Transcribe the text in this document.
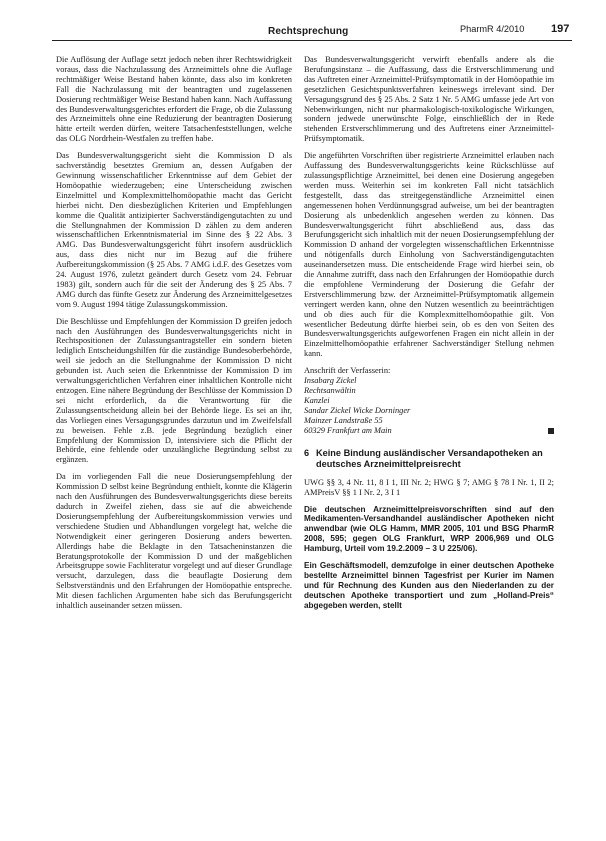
Rechtsprechung	PharmR 4/2010 197

Die Auflösung der Auflage setzt jedoch neben ihrer Rechtswidrigkeit voraus, dass die Nachzulassung des Arzneimittels ohne die Auflage rechtmäßiger Weise Bestand haben könnte, dass also im konkreten Fall die Nachzulassung mit der beantragten und zugelassenen Dosierung rechtmäßiger Weise Bestand haben kann. Nach Auffassung des Bundesverwaltungsgerichtes erfordert die Frage, ob die Zulassung des Arzneimittels ohne eine Reduzierung der beantragten Dosierung hätte erteilt werden dürfen, weitere Tatsachenfeststellungen, welche das OLG Nordrhein-Westfalen zu treffen habe.

Das Bundesverwaltungsgericht sieht die Kommission D als sachverständig besetztes Gremium an, dessen Aufgaben der Gewinnung wissenschaftlicher Erkenntnisse auf dem Gebiet der Homöopathie wiederzugeben; eine Unterscheidung zwischen Einzelmittel und Komplexmittelhomöopathie macht das Gericht hierbei nicht. Den diesbezüglichen Kriterien und Empfehlungen komme die Qualität antizipierter Sachverständigengutachten zu und die Stellungnahmen der Kommission D zählen zu dem anderen wissenschaftlichen Erkenntnismaterial im Sinne des § 22 Abs. 3 AMG. Das Bundesverwaltungsgericht führt insofern ausdrücklich aus, dass dies nicht nur im Bezug auf die frühere Aufbereitungskommission (§ 25 Abs. 7 AMG i.d.F. des Gesetzes vom 24. August 1976, zuletzt geändert durch Gesetz vom 24. Februar 1983) gilt, sondern auch für die seit der Änderung des § 25 Abs. 7 AMG durch das fünfte Gesetz zur Änderung des Arzneimittelgesetzes vom 9. August 1994 tätige Zulassungskommission.

Die Beschlüsse und Empfehlungen der Kommission D greifen jedoch nach den Ausführungen des Bundesverwaltungsgerichts nicht in Rechtspositionen der Zulassungsantragsteller ein sondern bieten lediglich Entscheidungshilfen für die zuständige Bundesoberbehörde, weil sie jedoch an die Stellungnahme der Kommission D nicht gebunden ist. Auch seien die Erkenntnisse der Kommission D im verwaltungsgerichtlichen Verfahren einer inhaltlichen Kontrolle nicht entzogen. Eine nähere Begründung der Beschlüsse der Kommission D sei nicht erforderlich, da die Verantwortung für die Zulassungsentscheidung allein bei der Behörde liege. Es sei an ihr, das Vorliegen eines Versagungsgrundes darzutun und im Zweifelsfall zu beweisen. Fehle z.B. jede Begründung bezüglich einer Empfehlung der Kommission D, intensiviere sich die Pflicht der Behörde, eine fehlende oder unzulängliche Begründung selbst zu ergänzen.

Da im vorliegenden Fall die neue Dosierungsempfehlung der Kommission D selbst keine Begründung enthielt, konnte die Klägerin nach den Ausführungen des Bundesverwaltungsgerichts diese bereits dadurch in Zweifel ziehen, dass sie auf die abweichende Dosierungsempfehlung der Aufbereitungskommission verwies und verschiedene Studien und Abhandlungen vorgelegt hat, welche die Notwendigkeit einer geringeren Dosierung anders bewerten. Allerdings habe die Beklagte in den Tatsacheninstanzen die Beratungsprotokolle der Kommission D und der maßgeblichen Arbeitsgruppe sowie Fachliteratur vorgelegt und auf dieser Grundlage versucht, darzulegen, dass die beauflagte Dosierung dem Selbstverständnis und den Erfahrungen der Homöopathie entspreche. Mit diesen fachlichen Argumenten habe sich das Berufungsgericht inhaltlich auseinander setzen müssen.

Das Bundesverwaltungsgericht verwirft ebenfalls andere als die Berufungsinstanz – die Auffassung, dass die Erstverschlimmerung und das Auftreten einer Arzneimittel-Prüfsymptomatik in der Homöopathie im gesetzlichen Gesichtspunktsverfahren keineswegs irrelevant sind. Der Versagungsgrund des § 25 Abs. 2 Satz 1 Nr. 5 AMG umfasse jede Art von Nebenwirkungen, nicht nur pharmakologisch-toxikologische Wirkungen, sondern jedwede unerwünschte Folge, einschließlich der in Rede stehenden Erstverschlimmerung und des Auftretens einer Arzneimittel-Prüfsymptomatik.

Die angeführten Vorschriften über registrierte Arzneimittel erlauben nach Auffassung des Bundesverwaltungsgerichts keine Rückschlüsse auf zulassungspflichtige Arzneimittel, bei denen eine Dosierung angegeben werden muss. Weiterhin sei im konkreten Fall nicht tatsächlich festgestellt, dass das streitgegenständliche Arzneimittel einen angemessenen hohen Verdünnungsgrad aufweise, um bei der beantragten Dosierung als unbedenklich angesehen werden zu können. Das Bundesverwaltungsgericht führt abschließend aus, dass das Berufungsgericht sich inhaltlich mit der neuen Dosierungsempfehlung der Kommission D anhand der vorgelegten wissenschaftlichen Erkenntnisse und nötigenfalls durch Einholung von Sachverständigengutachten auseinandersetzen muss. Die entscheidende Frage wird hierbei sein, ob die Annahme zutrifft, dass nach den Erfahrungen der Homöopathie durch die empfohlene Verminderung der Dosierung die Gefahr der Erstverschlimmerung bzw. der Arzneimittel-Prüfsymptomatik allgemein verringert werden kann, ohne den Nutzen wesentlich zu beeinträchtigen und ob dies auch für die Komplexmittelhomöopathie gilt. Von wesentlicher Bedeutung dürfte hierbei sein, ob es den von Seiten des Bundesverwaltungsgerichts aufgeworfenen Fragen ein nicht allein in der Einzelmittelhomöopathie erfahrener Sachverständiger Stellung nehmen kann.

Anschrift der Verfasserin:
Insabarg Zickel
Rechtsanwältin
Kanzlei
Sandar Zickel Wicke Dorninger
Mainzer Landstraße 55
60329 Frankfurt am Main
6 Keine Bindung ausländischer Versandapotheken an deutsches Arzneimittelpreisrecht

UWG §§ 3, 4 Nr. 11, 8 I 1, III Nr. 2; HWG § 7; AMG § 78 I Nr. 1, II 2; AMPreisV §§ 1 I Nr. 2, 3 I 1

Die deutschen Arzneimittelpreisvorschriften sind auf den Medikamenten-Versandhandel ausländischer Apotheken nicht anwendbar (wie OLG Hamm, MMR 2005, 101 und BSG PharmR 2008, 595; gegen OLG Frankfurt, WRP 2006,969 und OLG Hamburg, Urteil vom 19.2.2009 – 3 U 225/06).

Ein Geschäftsmodell, demzufolge in einer deutschen Apotheke bestellte Arzneimittel binnen Tagesfrist per Kurier im Namen und für Rechnung des Kunden aus den Niederlanden zu der deutschen Apotheke transportiert und zum „Holland-Preis“ abgegeben werden, stellt
